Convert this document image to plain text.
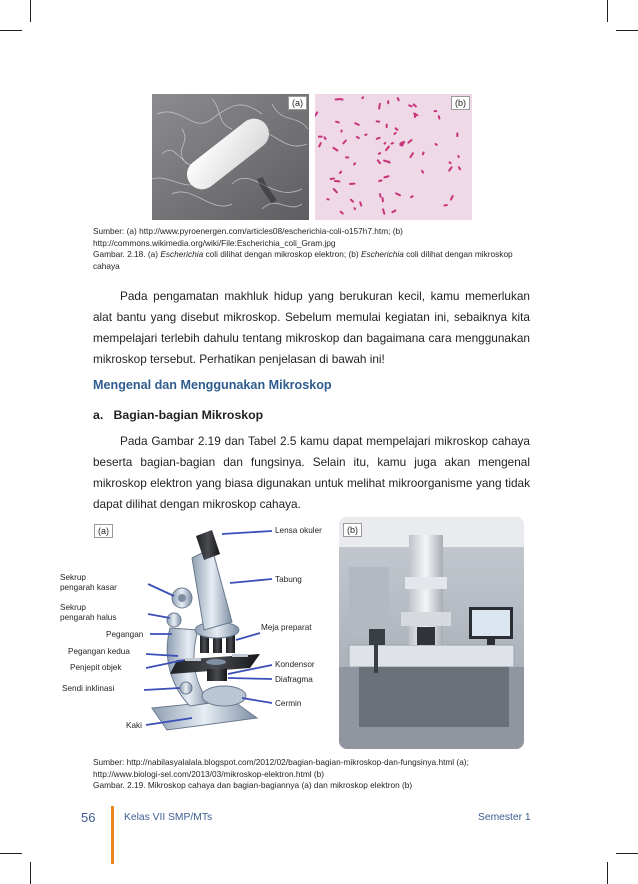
(a)	(b)

Sumber: (a) http://www.pyroenergen.com/articles08/escherichia-coli-o157h7.htm; (b) http://commons.wikimedia.org/wiki/File:Escherichia_coli_Gram.jpg

Gambar. 2.18. (a) Escherichia coli dilihat dengan mikroskop elektron; (b) Escherichia coli dilihat dengan mikroskop cahaya

Pada pengamatan makhluk hidup yang berukuran kecil, kamu memerlukan alat bantu yang disebut mikroskop. Sebelum memulai kegiatan ini, sebaiknya kita mempelajari terlebih dahulu tentang mikroskop dan bagaimana cara menggunakan mikroskop tersebut. Perhatikan penjelasan di bawah ini!

Mengenal dan Menggunakan Mikroskop
a.   Bagian-bagian Mikroskop

Pada Gambar 2.19 dan Tabel 2.5 kamu dapat mempelajari mikroskop cahaya beserta bagian-bagian dan fungsinya. Selain itu, kamu juga akan mengenal mikroskop elektron yang biasa digunakan untuk melihat mikroorganisme yang tidak dapat dilihat dengan mikroskop cahaya.

(a)	Lensa okuler
Tabung
Sekrup
pengarah kasar
Sekrup
pengarah halus
Pegangan
Meja preparat
Pegangan kedua
Penjepit objek	Kondensor
Diafragma
Sendi inklinasi
Cermin
Kaki
(b)

Sumber: http://nabilasyalalala.blogspot.com/2012/02/bagian-bagian-mikroskop-dan-fungsinya.html (a); http://www.biologi-sel.com/2013/03/mikroskop-elektron.html (b)

Gambar. 2.19. Mikroskop cahaya dan bagian-bagiannya (a) dan mikroskop elektron (b)

56	Kelas VII SMP/MTs	Semester 1
